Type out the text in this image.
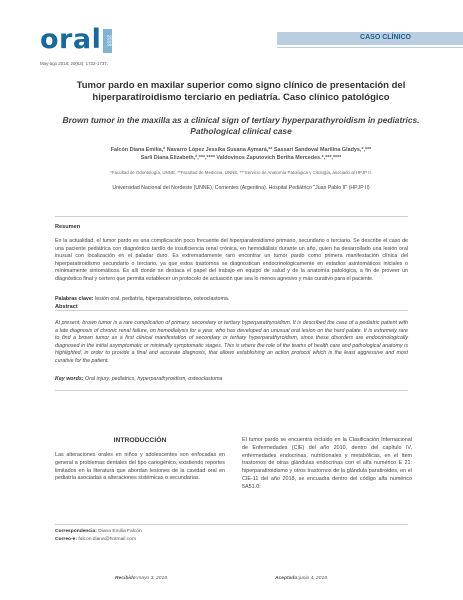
oral 2018
May-ago 2018; 20(63): 1732-1737.
CASO CLÍNICO
Tumor pardo en maxilar superior como signo clínico de presentación del hiperparatiroidismo terciario en pediatría. Caso clínico patológico
Brown tumor in the maxilla as a clinical sign of tertiary hyperparathyroidism in pediatrics. Pathological clinical case
Falcón Diana Emilia,* Navarro López Jessika Susana Aymará,** Sassari Sandoval Marilina Gladys,*,***
Sarli Diana Elizabeth,*,***,**** Valdovinos Zaputovich Bertha Mercedes.*,***,****
*Facultad de Odontología, UNNE. **Facultad de Medicina, UNNE. ***Servicio de Anatomía Patológica y Citología, asociado al HPJP II.
Universidad Nacional del Nordeste (UNNE), Corrientes (Argentina). Hospital Pediátrico "Juan Pablo II" (HPJP II)
Resumen
En la actualidad, el tumor pardo es una complicación poco frecuente del hiperparatiroidismo primario, secundario o terciario. Se describe el caso de una paciente pediátrica con diagnóstico tardío de insuficiencia renal crónica, en hemodiálisis durante un año, quien ha desarrollado una lesión oral inusual con localización en el paladar duro. Es extremadamente raro encontrar un tumor pardo como primera manifestación clínica del hiperparatiroidismo secundario o terciario, ya que estos trastornos se diagnostican endocrinológicamente en estadios asintomáticos iniciales o mínimamente sintomáticos. Es allí donde se destaca el papel del trabajo en equipo de salud y de la anatomía patológica, a fin de proveer un diagnóstico final y certero que permita establecer un protocolo de actuación que sea lo menos agresivo y más curativo para el paciente.
Palabras clave: lesión oral, pediatría, hiperparatiroidismo, osteoclastoma.
Abstract
At present, brown tumor is a rare complication of primary, secondary or tertiary hyperparathyroidism. It is described the case of a pediatric patient with a late diagnosis of chronic renal failure, on hemodialysis for a year, who has developed an unusual oral lesion on the hard palate. It is extremely rare to find a brown tumor as a first clinical manifestation of secondary or tertiary hyperparathyroidism, since these disorders are endocrinologically diagnosed in the initial asymptomatic or minimally symptomatic stages. This is where the role of the teams of health care and pathological anatomy is highlighted, in order to provide a final and accurate diagnosis, that allows establishing an action protocol which is the least aggressive and most curative for the patient.
Key words: Oral injury, pediatrics, hyperparathyroidism, osteoclastoma
INTRODUCCIÓN
Las alteraciones orales en niños y adolescentes son enfocadas en general a problemas dentales del tipo cariogénico, existiendo reportes limitados en la literatura que abordan lesiones de la cavidad oral en pediatría asociadas a alteraciones sistémicas o secundarias.
El tumor pardo se encuentra incluido en la Clasificación Internacional de Enfermedades (CIE) del año 2010, dentro del capítulo IV, enfermedades endocrinas, nutricionales y metabólicas, en el ítem trastornos de otras glándulas endocrinas con el alfa numérico E 21: hiperparatiroidismo y otros trastornos de la glándula paratiroides, en el CIE-11 del año 2018, se encuadra dentro del código alfa numérico 5A51.0:
Correspondencia: Diana Emilia Falcón
Correo-e: falcon.diana@hotmail.com
Recibido: mayo 3, 2018.	Aceptado: junio 4, 2018.
